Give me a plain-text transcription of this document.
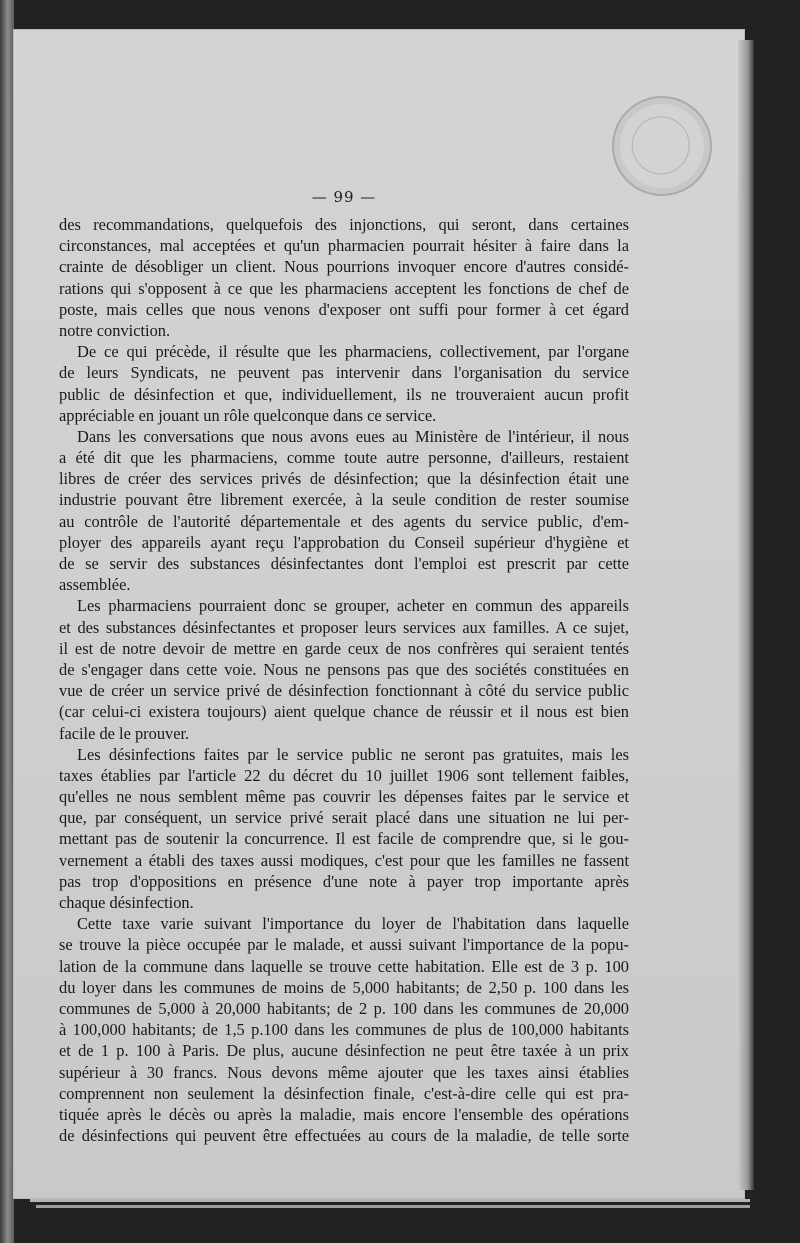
— 99 —
des recommandations, quelquefois des injonctions, qui seront, dans certaines
circonstances, mal acceptées et qu'un pharmacien pourrait hésiter à faire dans la
crainte de désobliger un client. Nous pourrions invoquer encore d'autres considé-
rations qui s'opposent à ce que les pharmaciens acceptent les fonctions de chef de
poste, mais celles que nous venons d'exposer ont suffi pour former à cet égard
notre conviction.
De ce qui précède, il résulte que les pharmaciens, collectivement, par l'organe
de leurs Syndicats, ne peuvent pas intervenir dans l'organisation du service
public de désinfection et que, individuellement, ils ne trouveraient aucun profit
appréciable en jouant un rôle quelconque dans ce service.
Dans les conversations que nous avons eues au Ministère de l'intérieur, il nous
a été dit que les pharmaciens, comme toute autre personne, d'ailleurs, restaient
libres de créer des services privés de désinfection; que la désinfection était une
industrie pouvant être librement exercée, à la seule condition de rester soumise
au contrôle de l'autorité départementale et des agents du service public, d'em-
ployer des appareils ayant reçu l'approbation du Conseil supérieur d'hygiène et
de se servir des substances désinfectantes dont l'emploi est prescrit par cette
assemblée.
Les pharmaciens pourraient donc se grouper, acheter en commun des appareils
et des substances désinfectantes et proposer leurs services aux familles. A ce sujet,
il est de notre devoir de mettre en garde ceux de nos confrères qui seraient tentés
de s'engager dans cette voie. Nous ne pensons pas que des sociétés constituées en
vue de créer un service privé de désinfection fonctionnant à côté du service public
(car celui-ci existera toujours) aient quelque chance de réussir et il nous est bien
facile de le prouver.
Les désinfections faites par le service public ne seront pas gratuites, mais les
taxes établies par l'article 22 du décret du 10 juillet 1906 sont tellement faibles,
qu'elles ne nous semblent même pas couvrir les dépenses faites par le service et
que, par conséquent, un service privé serait placé dans une situation ne lui per-
mettant pas de soutenir la concurrence. Il est facile de comprendre que, si le gou-
vernement a établi des taxes aussi modiques, c'est pour que les familles ne fassent
pas trop d'oppositions en présence d'une note à payer trop importante après
chaque désinfection.
Cette taxe varie suivant l'importance du loyer de l'habitation dans laquelle
se trouve la pièce occupée par le malade, et aussi suivant l'importance de la popu-
lation de la commune dans laquelle se trouve cette habitation. Elle est de 3 p. 100
du loyer dans les communes de moins de 5,000 habitants; de 2,50 p. 100 dans les
communes de 5,000 à 20,000 habitants; de 2 p. 100 dans les communes de 20,000
à 100,000 habitants; de 1,5 p.100 dans les communes de plus de 100,000 habitants
et de 1 p. 100 à Paris. De plus, aucune désinfection ne peut être taxée à un prix
supérieur à 30 francs. Nous devons même ajouter que les taxes ainsi établies
comprennent non seulement la désinfection finale, c'est-à-dire celle qui est pra-
tiquée après le décès ou après la maladie, mais encore l'ensemble des opérations
de désinfections qui peuvent être effectuées au cours de la maladie, de telle sorte
